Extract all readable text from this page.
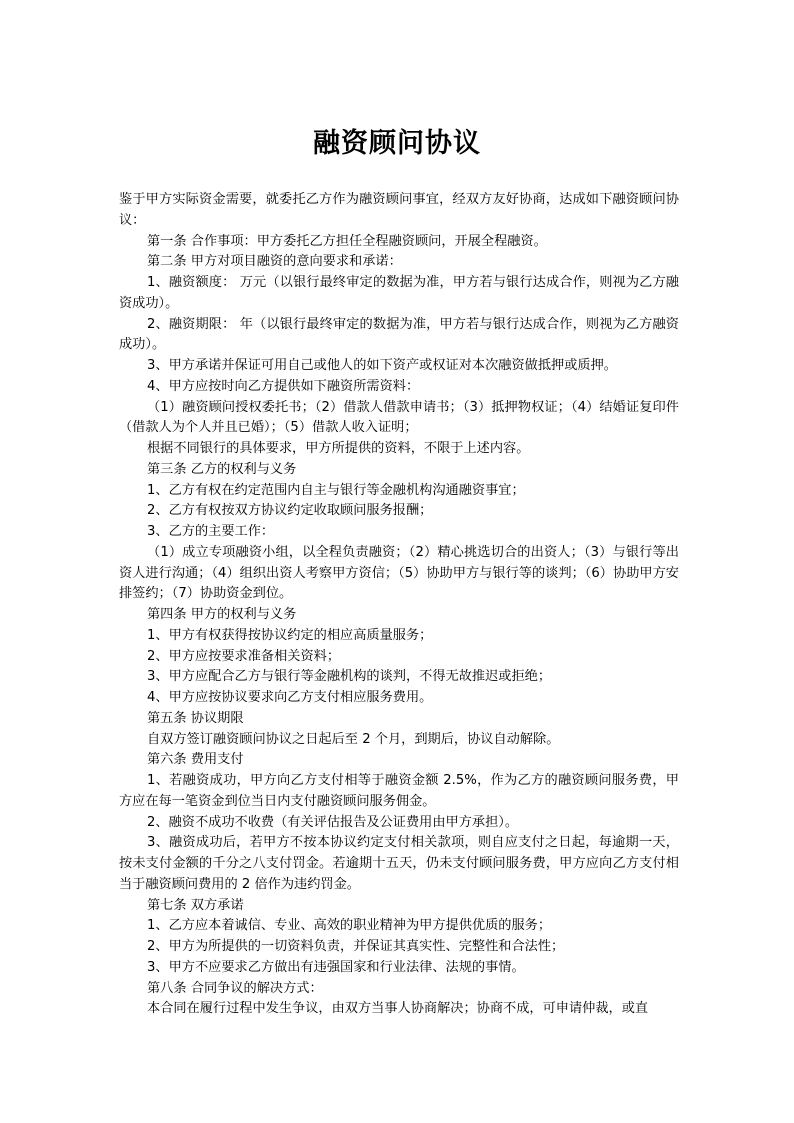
融资顾问协议

鉴于甲方实际资金需要，就委托乙方作为融资顾问事宜，经双方友好协商，达成如下融资顾问协议：

第一条 合作事项：甲方委托乙方担任全程融资顾问，开展全程融资。

第二条 甲方对项目融资的意向要求和承诺：

1、融资额度： 万元（以银行最终审定的数据为准，甲方若与银行达成合作，则视为乙方融资成功）。

2、融资期限： 年（以银行最终审定的数据为准，甲方若与银行达成合作，则视为乙方融资成功）。

3、甲方承诺并保证可用自己或他人的如下资产或权证对本次融资做抵押或质押。

4、甲方应按时向乙方提供如下融资所需资料：

（1）融资顾问授权委托书；（2）借款人借款申请书；（3）抵押物权证；（4）结婚证复印件（借款人为个人并且已婚）；（5）借款人收入证明；

根据不同银行的具体要求，甲方所提供的资料，不限于上述内容。

第三条 乙方的权利与义务

1、乙方有权在约定范围内自主与银行等金融机构沟通融资事宜；

2、乙方有权按双方协议约定收取顾问服务报酬；

3、乙方的主要工作：

（1）成立专项融资小组，以全程负责融资；（2）精心挑选切合的出资人；（3）与银行等出资人进行沟通；（4）组织出资人考察甲方资信；（5）协助甲方与银行等的谈判；（6）协助甲方安排签约；（7）协助资金到位。

第四条 甲方的权利与义务

1、甲方有权获得按协议约定的相应高质量服务；

2、甲方应按要求准备相关资料；

3、甲方应配合乙方与银行等金融机构的谈判，不得无故推迟或拒绝；

4、甲方应按协议要求向乙方支付相应服务费用。

第五条 协议期限

自双方签订融资顾问协议之日起后至 2 个月，到期后，协议自动解除。

第六条 费用支付

1、若融资成功，甲方向乙方支付相等于融资金额 2.5%，作为乙方的融资顾问服务费，甲方应在每一笔资金到位当日内支付融资顾问服务佣金。

2、融资不成功不收费（有关评估报告及公证费用由甲方承担）。

3、融资成功后，若甲方不按本协议约定支付相关款项，则自应支付之日起，每逾期一天，按未支付金额的千分之八支付罚金。若逾期十五天，仍未支付顾问服务费，甲方应向乙方支付相当于融资顾问费用的 2 倍作为违约罚金。

第七条 双方承诺

1、乙方应本着诚信、专业、高效的职业精神为甲方提供优质的服务；

2、甲方为所提供的一切资料负责，并保证其真实性、完整性和合法性；

3、甲方不应要求乙方做出有违强国家和行业法律、法规的事情。

第八条 合同争议的解决方式：

本合同在履行过程中发生争议，由双方当事人协商解决；协商不成，可申请仲裁，或直
